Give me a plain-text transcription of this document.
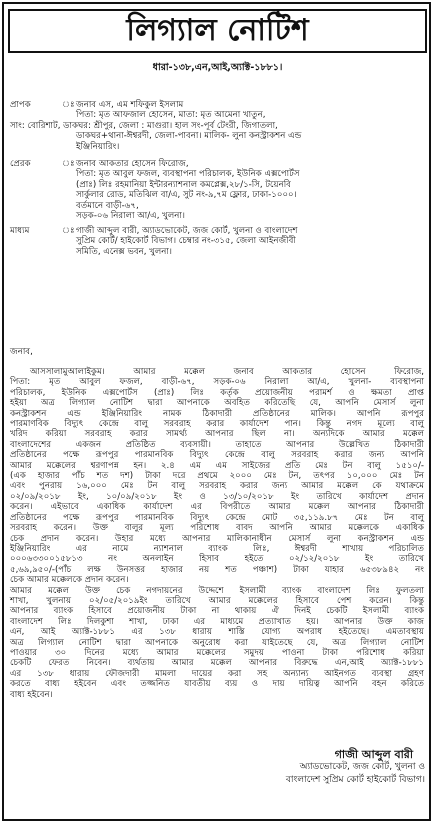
লিগ্যাল নোটিশ
ধারা-১৩৮,এন,আই,অ্যাক্ট-১৮৮১।
প্রাপক	ঃ জনাব এস, এম শফিকুল ইসলাম
পিতা: মৃত আফজাল হোসেন, মাতা: মৃত আমেনা খাতুন,
সাং: বোরিশাট, ডাকঘর: শ্রীপুর, জেলা : মাগুরা। হাল সং-পূর্ব টেংরী, জিগাতলা,
ডাকঘর+থানা-ঈশ্বরদী, জেলা-পাবনা। মালিক- লুনা কনস্ট্রাকশন এন্ড
ইঞ্জিনিয়ারিং।
প্রেরক	ঃ জনাব আকতার হোসেন ফিরোজ,
পিতা: মৃত আবুল ফজল, ব্যবস্থাপনা পরিচালক, ইউনিক এক্সপোর্টস
(প্রাঃ) লিঃ রহমানিয়া ইন্টারন্যাশনাল কমপ্লেক্স,২৮/১-সি, টয়েনবি
সার্কুলার রোড, মতিঝিল বা/এ, সুট নং-৯,৭ম ফ্লোর, ঢাকা-১০০০।
বর্তমানে বাড়ী-৬৭,
সড়ক-০৬ নিরালা আ/এ, খুলনা।
মাধ্যম	ঃ গাজী আব্দুল বারী, অ্যাডভোকেট, জজ কোর্ট, খুলনা ও বাংলাদেশ
সুপ্রিম কোর্ট/ হাইকোর্ট বিভাগ। চেম্বার নং-৩১৫, জেলা আইনজীবী
সমিতি, এনেক্স ভবন, খুলনা।
জনাব,
আসসালামুআলাইকুম। আমার মক্কেল জনাব আকতার হোসেন ফিরোজ,
পিতা: মৃত আবুল ফজল, বাড়ী-৬৭, সড়ক-০৬ নিরালা আ/এ, খুলনা- ব্যবস্থাপনা
পরিচালক, ইউনিক এক্সপোর্টস (প্রাঃ) লিঃ কর্তৃক প্রয়োজনীয় পরামর্শ ও ক্ষমতা প্রাপ্ত
হইয়া অত্র লিগ্যাল নোটিশ দ্বারা আপনাকে অবহিত করিতেছি যে, আপনি মেসার্স লুনা
কনস্ট্রাকশন এন্ড ইঞ্জিনিয়ারিং নামক ঠিকাদারী প্রতিষ্ঠানের মালিক। আপনি রূপপুর
পারমাণবিক বিদ্যুৎ কেন্দ্রে বালু সরবরাহ করার কার্যাদেশ পান। কিন্তু নগদ মূল্যে বালু
খরিদ করিয়া সরবরাহ করার সামর্থ্য আপনার ছিল না। অন্যদিকে আমার মক্কেল
বাংলাদেশের একজন প্রতিষ্ঠিত ব্যবসায়ী। তাহাতে আপনার উল্লেখিত ঠিকাদারী
প্রতিষ্ঠানের পক্ষে রূপপুর পারমানবিক বিদ্যুৎ কেন্দ্রে বালু সরবরাহ করার জন্য আপনি
আমার মক্কেলের শ্বরণাপন্ন হন। ২.৪ এম এম সাইজের প্রতি মেঃ টন বালু ১৫১০/-
(এক হাজার পাঁচ শত দশ) টাকা দরে প্রথমে ২০০০ মেঃ টন, তৎপর ১০,০০০ মেঃ টন
এবং পুনরায় ১৬,০০০ মেঃ টন বালু সরবরাহ করার জন্য আমার মক্কেল কে যথাক্রমে
০২/০৯/২০১৮ ইং, ১০/০৯/২০১৮ ইং ও ১৩/১০/২০১৮ ইং তারিখে কার্যাদেশ প্রদান
করেন। এইভাবে একাধিক কার্যাদেশ এর বিপরীতে আমার মক্কেল আপনার ঠিকাদারী
প্রতিষ্ঠানের পক্ষে রূপপুর পারমানবিক বিদ্যুৎ কেন্দ্রে মোট ৩৫,১১৯.৮৭ মেঃ টন বালু
সরবরাহ করেন। উক্ত বালুর মূল্য পরিশোধ বাবদ আপনি আমার মক্কেলকে একাধিক
চেক প্রদান করেন। উহার মধ্যে আপনার মালিকানাধীন মেসার্স লুনা কনস্ট্রাকশন এন্ড
ইঞ্জিনিয়ারিং এর নামে ন্যাশনাল ব্যাংক লিঃ, ঈশ্বরদী শাখায় পরিচালিত
০০০৬৩৩০০১৫৮১৩ নং অনলাইন হিসাব হইতে ০২/১২/২০১৮ ইং তারিখে
৫,৬৯,৯৫০/-(পাঁচ লক্ষ উনসত্তর হাজার নয় শত পঞ্চাশ) টাকা যাহার ৬৫৩৮৯৪২ নং
চেক আমার মক্কেলকে প্রদান করেন।
আমার মক্কেল উক্ত চেক নগদায়নের উদ্দেশে ইসলামী ব্যাংক বাংলাদেশ লিঃ ফুলতলা
শাখা, খুলনায় ০২/০৫/২০১৯ইং তারিখে আমার মক্কেলের হিসাবে পেশ করেন। কিন্তু
আপনার ব্যাংক হিসাবে প্রয়োজনীয় টাকা না থাকায় ঐ দিনই চেকটি ইসলামী ব্যাংক
বাংলাদেশ লিঃ দিলকুশা শাখা, ঢাকা এর মাধ্যমে প্রত্যাখাত হয়। আপনার উক্ত কাজ
এন, আই অ্যাক্ট-১৮৮১ এর ১৩৮ ধারায় শাস্তি যোগ্য অপরাধ হইতেছে। এমতাবস্থায়
অত্র লিগ্যাল নোটিশ দ্বারা আপনাকে অনুরোধ করা যাইতেছে যে, অত্র লিগ্যাল নোটিশ
পাওয়ার ৩০ দিনের মধ্যে আমার মক্কেলের সমুদয় পাওনা টাকা পরিশোধ করিয়া
চেকটি ফেরত নিবেন। ব্যর্থতায় আমার মক্কেল আপনার বিরুদ্ধে এন,আই অ্যাক্ট-১৮৮১
এর ১৩৮ ধারায় ফৌজদারী মামলা দায়ের করা সহ অন্যান্য আইনগত ব্যবস্থা গ্রহণ
করতে বাধ্য হইবেন এবং তজ্জনিত যাবতীয় ব্যয় ও দায় দায়িত্ব আপনি বহন করিতে
বাধ্য হইবেন।
গাজী আব্দুল বারী
অ্যাডভোকেট, জজ কোর্ট, খুলনা ও
বাংলাদেশ সুপ্রিম কোর্ট হাইকোর্ট বিভাগ।
